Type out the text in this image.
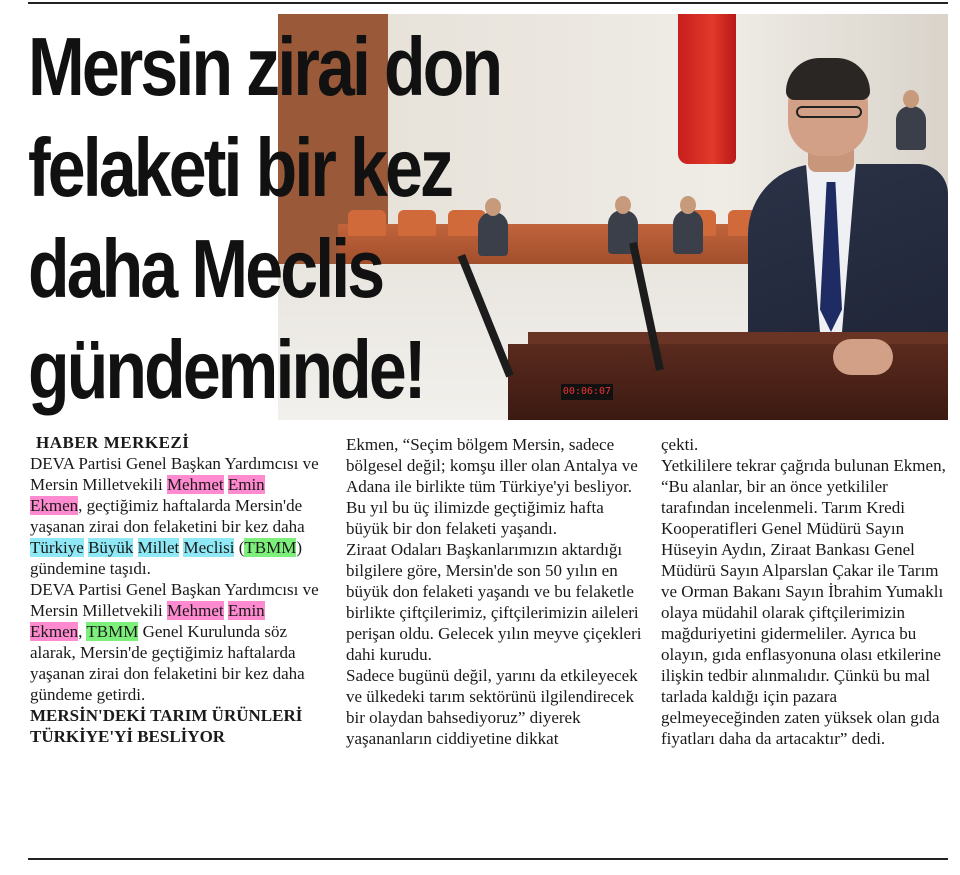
00:06:07
Mersin zirai don
felaketi bir kez
daha Meclis
gündeminde!

HABER MERKEZİ

DEVA Partisi Genel Başkan Yardımcısı ve Mersin Milletvekili Mehmet Emin Ekmen, geçtiğimiz haftalarda Mersin'de yaşanan zirai don felaketini bir kez daha Türkiye Büyük Millet Meclisi (TBMM) gündemine taşıdı.

DEVA Partisi Genel Başkan Yardımcısı ve Mersin Milletvekili Mehmet Emin Ekmen, TBMM Genel Kurulunda söz alarak, Mersin'de geçtiğimiz haftalarda yaşanan zirai don felaketini bir kez daha gündeme getirdi.

MERSİN'DEKİ TARIM ÜRÜNLERİ TÜRKİYE'Yİ BESLİYOR

Ekmen, “Seçim bölgem Mersin, sadece bölgesel değil; komşu iller olan Antalya ve Adana ile birlikte tüm Türkiye'yi besliyor. Bu yıl bu üç ilimizde geçtiğimiz hafta büyük bir don felaketi yaşandı.

Ziraat Odaları Başkanlarımızın aktardığı bilgilere göre, Mersin'de son 50 yılın en büyük don felaketi yaşandı ve bu felaketle birlikte çiftçilerimiz, çiftçilerimizin aileleri perişan oldu. Gelecek yılın meyve çiçekleri dahi kurudu.

Sadece bugünü değil, yarını da etkileyecek ve ülkedeki tarım sektörünü ilgilendirecek bir olaydan bahsediyoruz” diyerek yaşananların ciddiyetine dikkat

çekti.

Yetkililere tekrar çağrıda bulunan Ekmen, “Bu alanlar, bir an önce yetkililer tarafından incelenmeli. Tarım Kredi Kooperatifleri Genel Müdürü Sayın Hüseyin Aydın, Ziraat Bankası Genel Müdürü Sayın Alparslan Çakar ile Tarım ve Orman Bakanı Sayın İbrahim Yumaklı olaya müdahil olarak çiftçilerimizin mağduriyetini gidermeliler. Ayrıca bu olayın, gıda enflasyonuna olası etkilerine ilişkin tedbir alınmalıdır. Çünkü bu mal tarlada kaldığı için pazara gelmeyeceğinden zaten yüksek olan gıda fiyatları daha da artacaktır” dedi.
